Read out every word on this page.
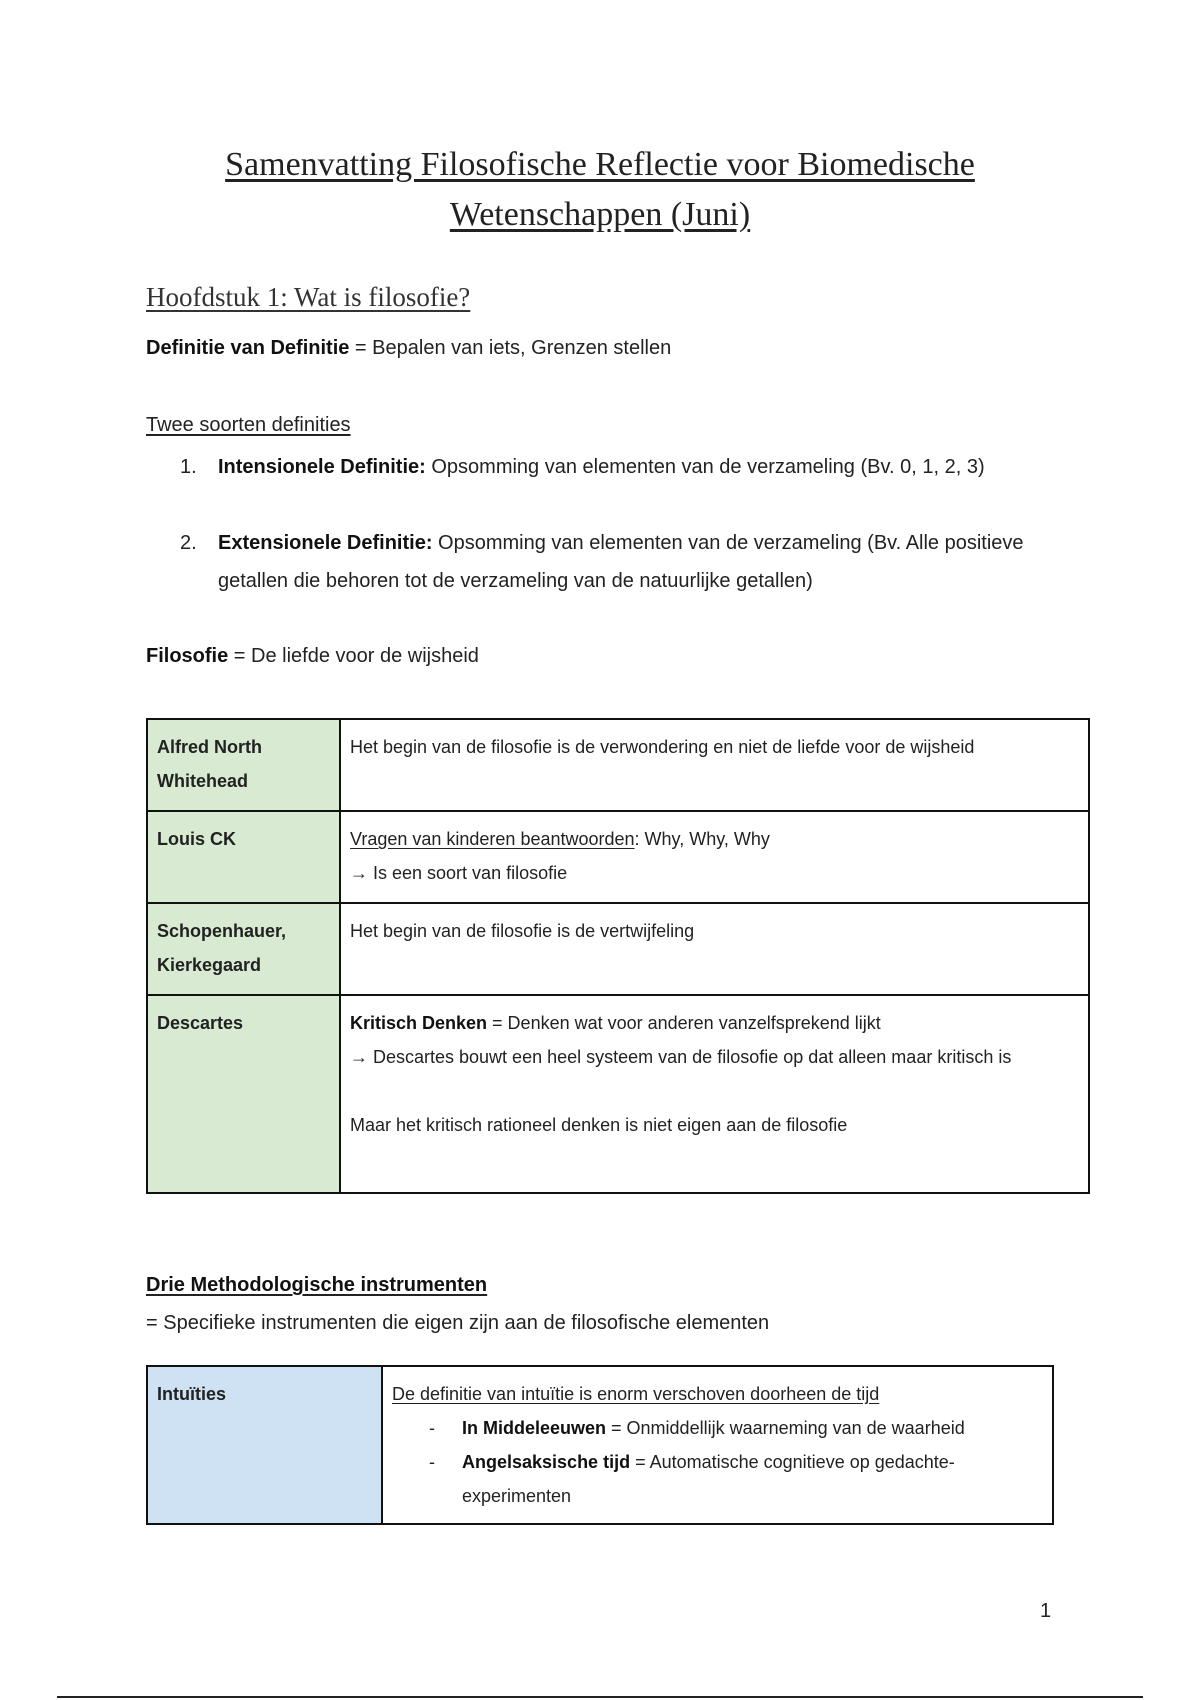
Samenvatting Filosofische Reflectie voor Biomedische
Wetenschappen (Juni)
Hoofdstuk 1: Wat is filosofie?
Definitie van Definitie = Bepalen van iets, Grenzen stellen
Twee soorten definities
1. Intensionele Definitie: Opsomming van elementen van de verzameling (Bv. 0, 1, 2, 3)
2. Extensionele Definitie: Opsomming van elementen van de verzameling (Bv. Alle positieve getallen die behoren tot de verzameling van de natuurlijke getallen)
Filosofie = De liefde voor de wijsheid
Alfred North Whitehead	Het begin van de filosofie is de verwondering en niet de liefde voor de wijsheid
Louis CK	Vragen van kinderen beantwoorden: Why, Why, Why
→ Is een soort van filosofie
Schopenhauer, Kierkegaard	Het begin van de filosofie is de vertwijfeling
Descartes	Kritisch Denken = Denken wat voor anderen vanzelfsprekend lijkt
→ Descartes bouwt een heel systeem van de filosofie op dat alleen maar kritisch is

Maar het kritisch rationeel denken is niet eigen aan de filosofie
Drie Methodologische instrumenten
= Specifieke instrumenten die eigen zijn aan de filosofische elementen
Intuïties	De definitie van intuïtie is enorm verschoven doorheen de tijd
- In Middeleeuwen = Onmiddellijk waarneming van de waarheid

-	Angelsaksische tijd = Automatische cognitieve op gedachte-experimenten
1
